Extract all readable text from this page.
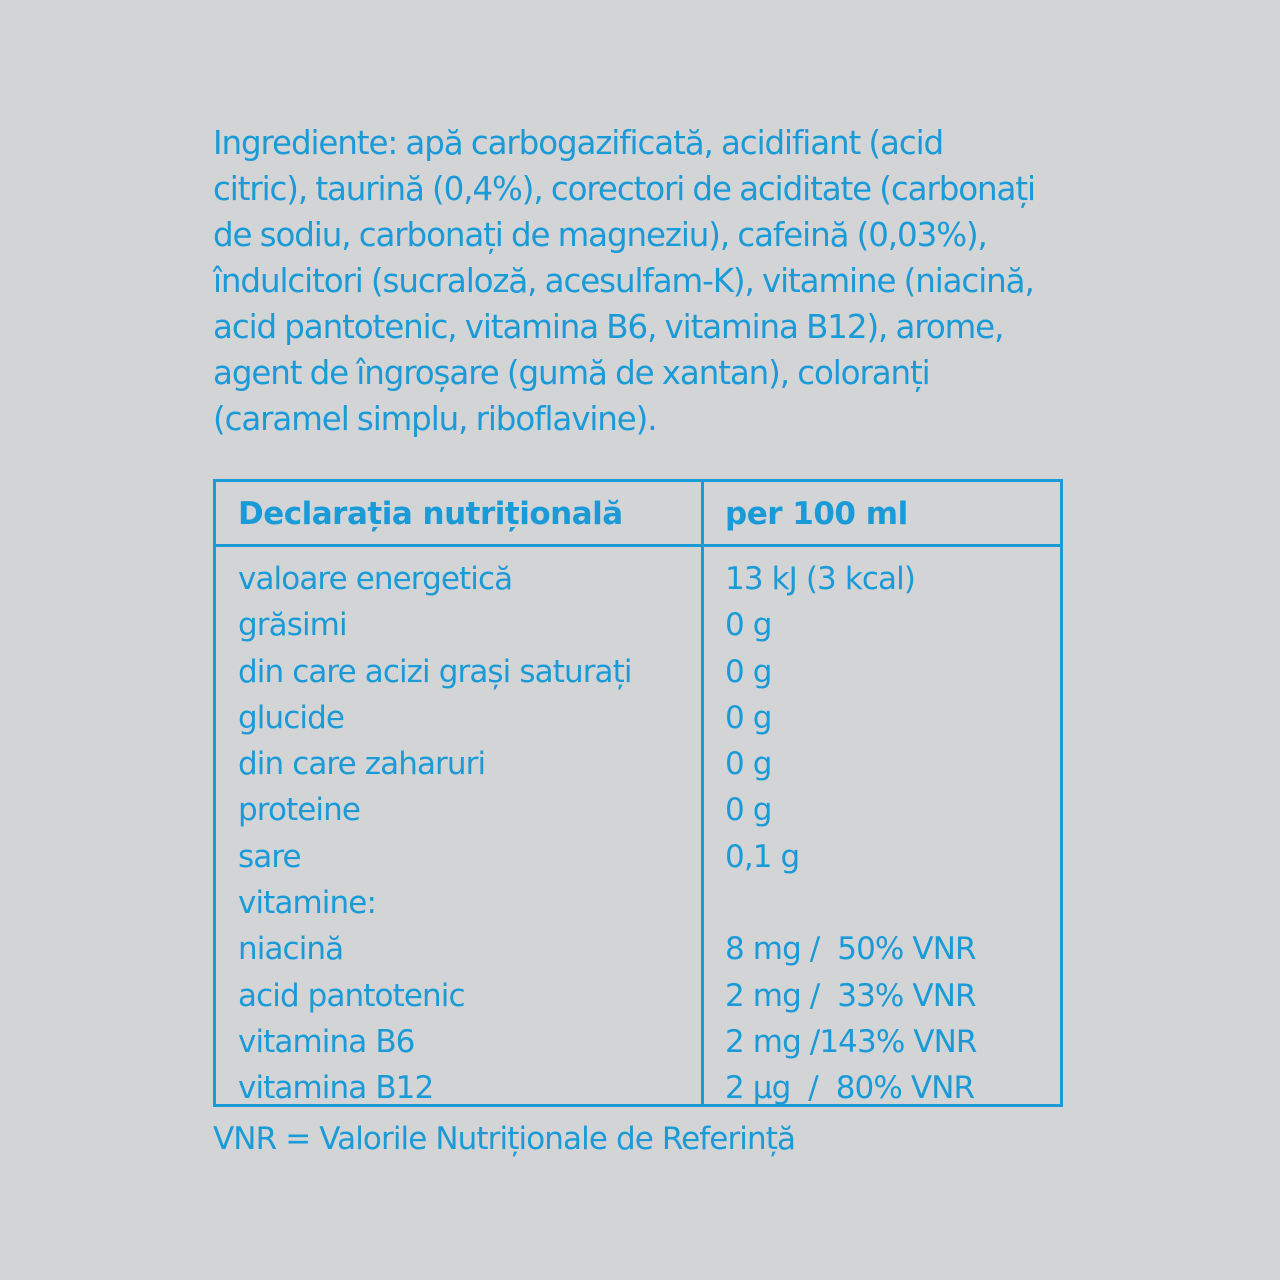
Ingrediente: apă carbogazificată, acidifiant (acid
citric), taurină (0,4%), corectori de aciditate (carbonați
de sodiu, carbonați de magneziu), cafeină (0,03%),
îndulcitori (sucraloză, acesulfam-K), vitamine (niacină,
acid pantotenic, vitamina B6, vitamina B12), arome,
agent de îngroșare (gumă de xantan), coloranți
(caramel simplu, riboflavine).

Declarația nutrițională	per 100 ml
valoare energetică	13 kJ (3 kcal)
grăsimi	0 g
din care acizi grași saturați	0 g
glucide	0 g
din care zaharuri	0 g
proteine	0 g
sare	0,1 g
vitamine:
niacină	8 mg /  50% VNR
acid pantotenic	2 mg /  33% VNR
vitamina B6	2 mg /143% VNR
vitamina B12	2 µg  /  80% VNR

VNR = Valorile Nutriționale de Referință
